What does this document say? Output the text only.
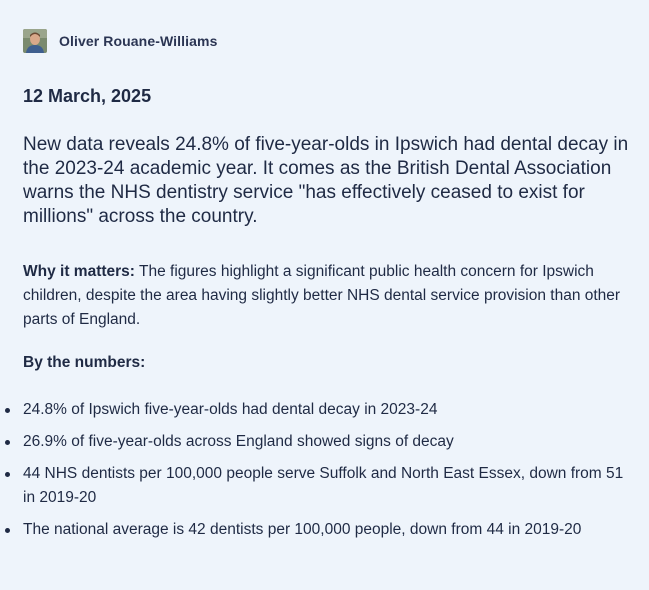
Oliver Rouane-Williams
12 March, 2025

New data reveals 24.8% of five-year-olds in Ipswich had dental decay in the 2023-24 academic year. It comes as the British Dental Association warns the NHS dentistry service "has effectively ceased to exist for millions" across the country.

Why it matters: The figures highlight a significant public health concern for Ipswich children, despite the area having slightly better NHS dental service provision than other parts of England.

By the numbers:
24.8% of Ipswich five-year-olds had dental decay in 2023-24
26.9% of five-year-olds across England showed signs of decay
44 NHS dentists per 100,000 people serve Suffolk and North East Essex, down from 51 in 2019-20
The national average is 42 dentists per 100,000 people, down from 44 in 2019-20
